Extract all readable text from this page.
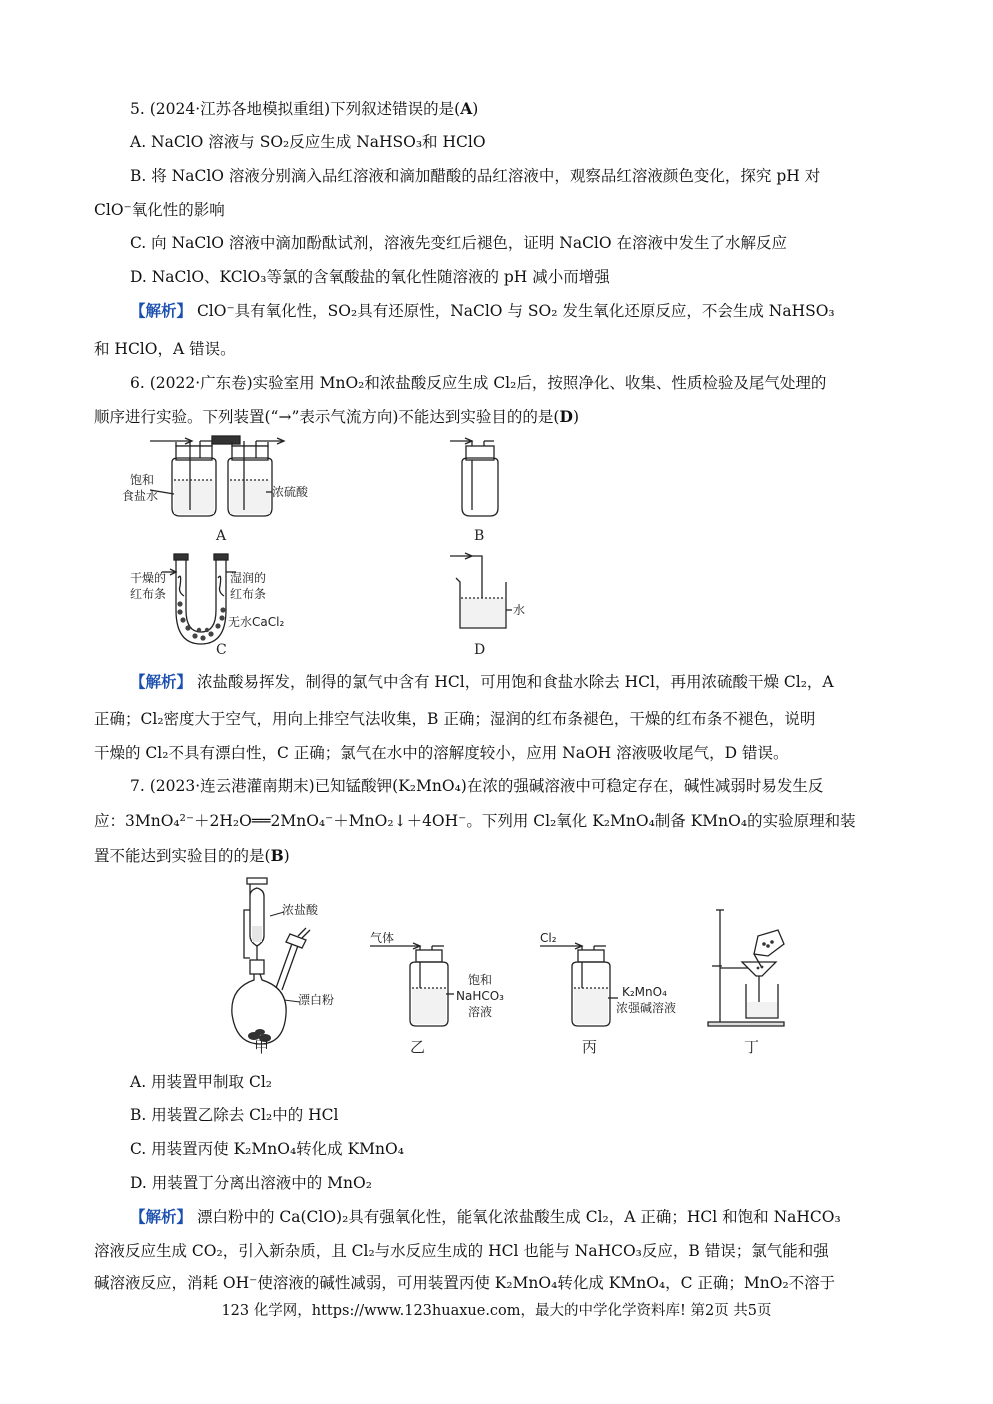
5. (2024·江苏各地模拟重组)下列叙述错误的是(A)
A. NaClO 溶液与 SO₂反应生成 NaHSO₃和 HClO
B. 将 NaClO 溶液分别滴入品红溶液和滴加醋酸的品红溶液中，观察品红溶液颜色变化，探究 pH 对
ClO⁻氧化性的影响
C. 向 NaClO 溶液中滴加酚酞试剂，溶液先变红后褪色，证明 NaClO 在溶液中发生了水解反应
D. NaClO、KClO₃等氯的含氧酸盐的氧化性随溶液的 pH 减小而增强
【解析】 ClO⁻具有氧化性，SO₂具有还原性，NaClO 与 SO₂ 发生氧化还原反应，不会生成 NaHSO₃
和 HClO，A 错误。
6. (2022·广东卷)实验室用 MnO₂和浓盐酸反应生成 Cl₂后，按照净化、收集、性质检验及尾气处理的
顺序进行实验。下列装置(“→”表示气流方向)不能达到实验目的的是(D)
饱和
食盐水	浓硫酸
A	B
干燥的
红布条
湿润的
红布条
无水CaCl₂
C
水
D
【解析】 浓盐酸易挥发，制得的氯气中含有 HCl，可用饱和食盐水除去 HCl，再用浓硫酸干燥 Cl₂，A
正确；Cl₂密度大于空气，用向上排空气法收集，B 正确；湿润的红布条褪色，干燥的红布条不褪色，说明
干燥的 Cl₂不具有漂白性，C 正确；氯气在水中的溶解度较小，应用 NaOH 溶液吸收尾气，D 错误。
7. (2023·连云港灌南期末)已知锰酸钾(K₂MnO₄)在浓的强碱溶液中可稳定存在，碱性减弱时易发生反
应：3MnO₄²⁻＋2H₂O══2MnO₄⁻＋MnO₂↓＋4OH⁻。下列用 Cl₂氧化 K₂MnO₄制备 KMnO₄的实验原理和装
置不能达到实验目的的是(B)
浓盐酸
漂白粉
甲
气体
饱和
NaHCO₃
溶液
乙
Cl₂
K₂MnO₄
浓强碱溶液
丙	丁
A. 用装置甲制取 Cl₂
B. 用装置乙除去 Cl₂中的 HCl
C. 用装置丙使 K₂MnO₄转化成 KMnO₄
D. 用装置丁分离出溶液中的 MnO₂
【解析】 漂白粉中的 Ca(ClO)₂具有强氧化性，能氧化浓盐酸生成 Cl₂，A 正确；HCl 和饱和 NaHCO₃
溶液反应生成 CO₂，引入新杂质，且 Cl₂与水反应生成的 HCl 也能与 NaHCO₃反应，B 错误；氯气能和强
碱溶液反应，消耗 OH⁻使溶液的碱性减弱，可用装置丙使 K₂MnO₄转化成 KMnO₄，C 正确；MnO₂不溶于
123 化学网，https://www.123huaxue.com，最大的中学化学资料库! 第2页 共5页
